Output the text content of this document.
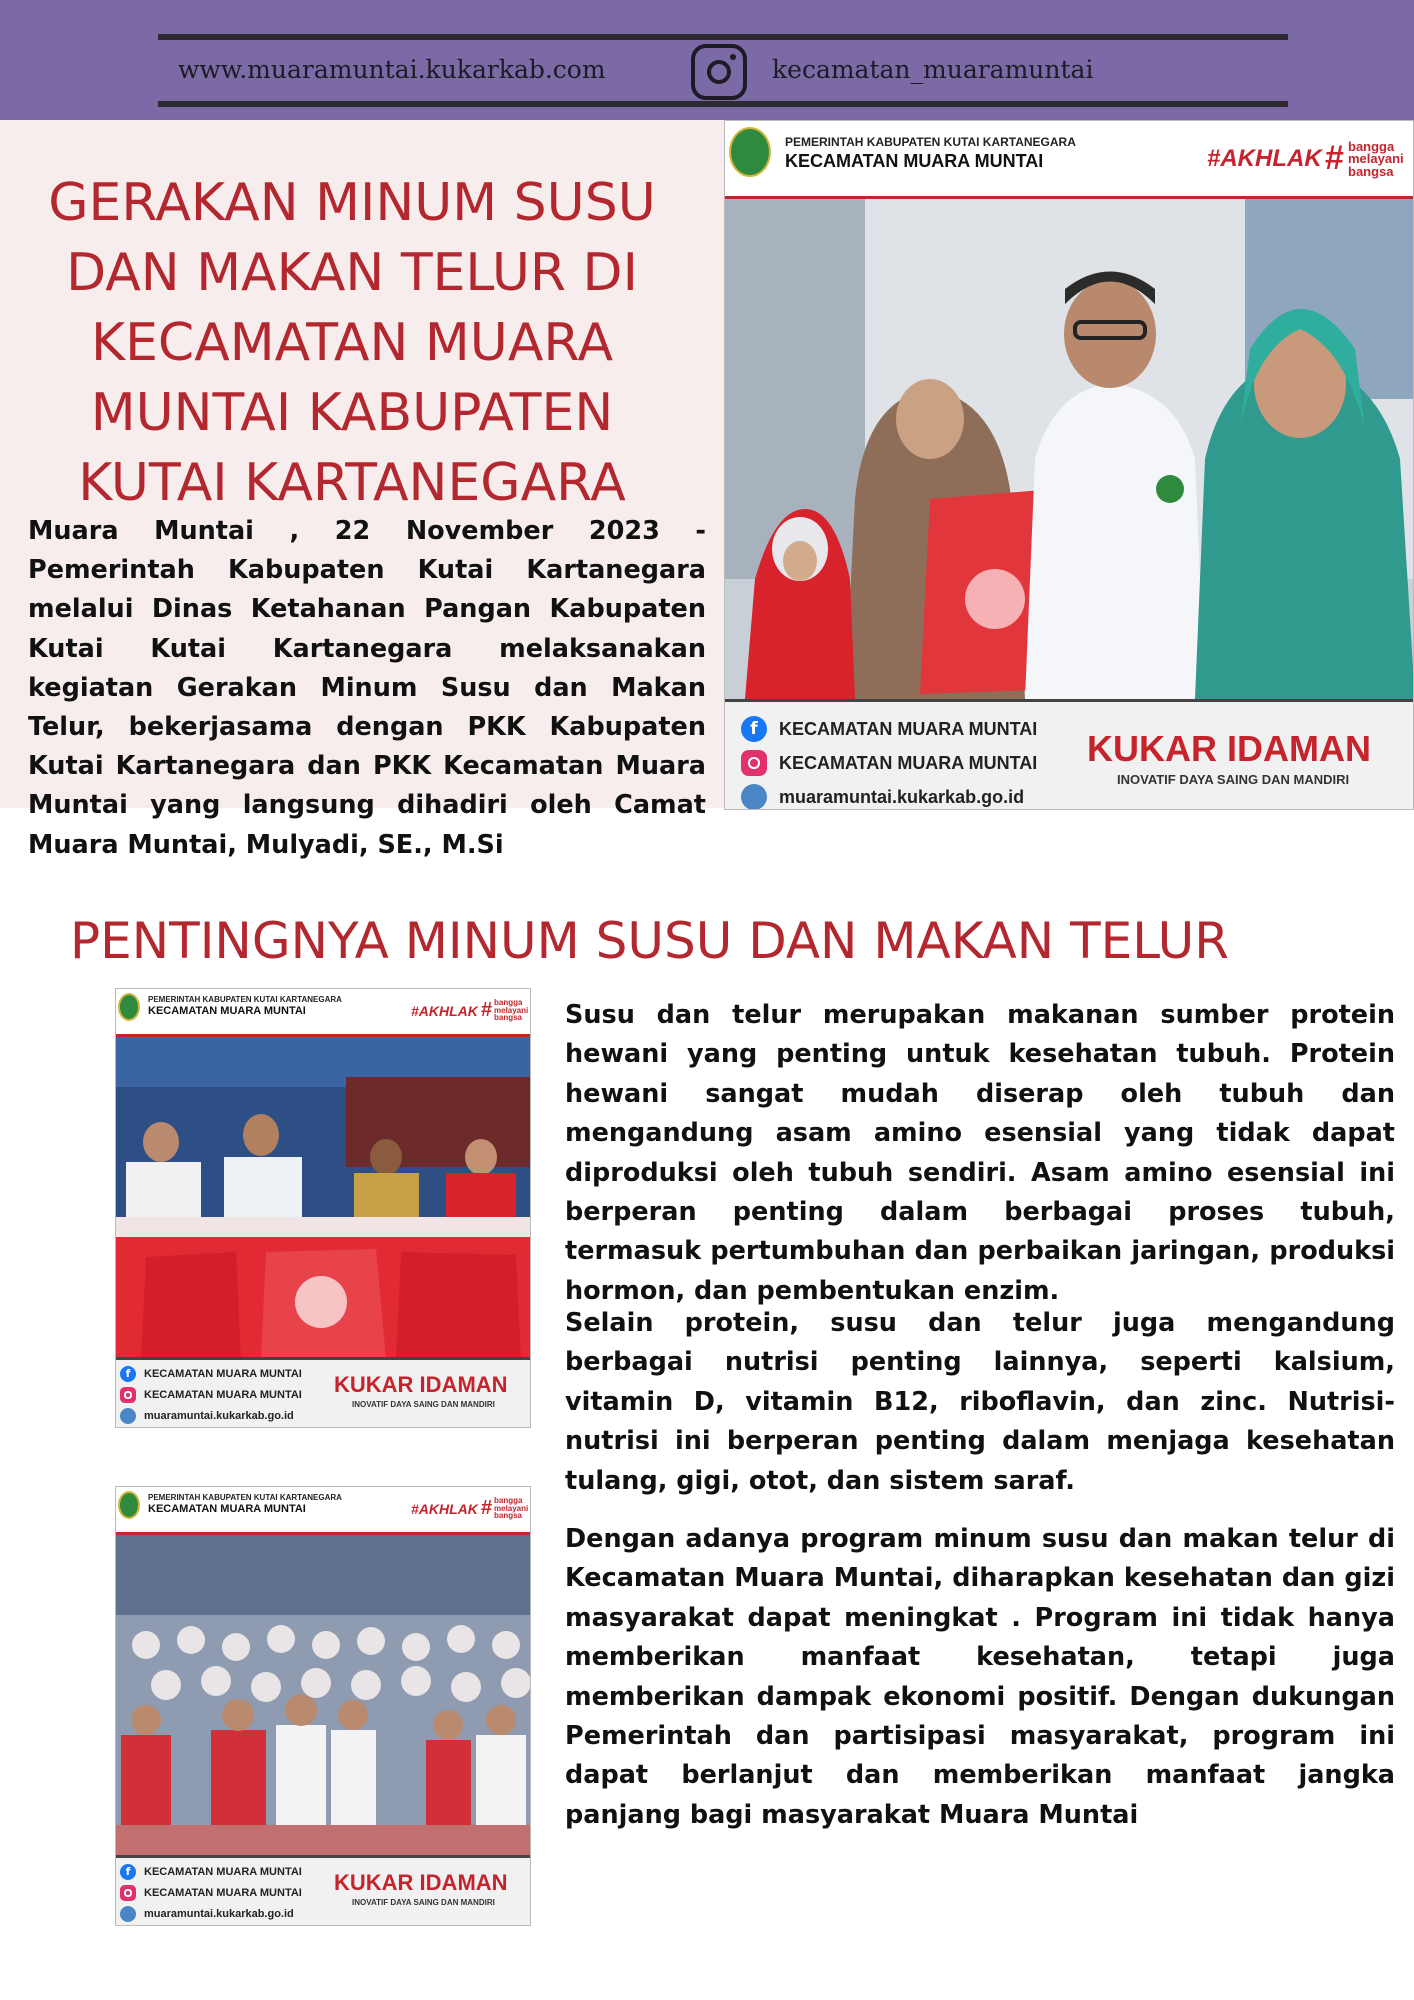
www.muaramuntai.kukarkab.com	kecamatan_muaramuntai
GERAKAN MINUM SUSU DAN MAKAN TELUR DI KECAMATAN MUARA MUNTAI KABUPATEN KUTAI KARTANEGARA

Muara Muntai , 22 November 2023 - Pemerintah Kabupaten Kutai Kartanegara melalui Dinas Ketahanan Pangan Kabupaten Kutai Kutai Kartanegara melaksanakan kegiatan Gerakan Minum Susu dan Makan Telur, bekerjasama dengan PKK Kabupaten Kutai Kartanegara dan PKK Kecamatan Muara Muntai yang langsung dihadiri oleh Camat Muara Muntai, Mulyadi, SE., M.Si

PEMERINTAH KABUPATEN KUTAI KARTANEGARA
KECAMATAN MUARA MUNTAI	#AKHLAK # bangga melayani bangsa
f	KECAMATAN MUARA MUNTAI
KECAMATAN MUARA MUNTAI
muaramuntai.kukarkab.go.id
KUKAR IDAMAN
INOVATIF DAYA SAING DAN MANDIRI
PENTINGNYA MINUM SUSU DAN MAKAN TELUR
PEMERINTAH KABUPATEN KUTAI KARTANEGARA
KECAMATAN MUARA MUNTAI	#AKHLAK # bangga melayani bangsa
f	KECAMATAN MUARA MUNTAI
KECAMATAN MUARA MUNTAI
muaramuntai.kukarkab.go.id
KUKAR IDAMAN
INOVATIF DAYA SAING DAN MANDIRI
PEMERINTAH KABUPATEN KUTAI KARTANEGARA
KECAMATAN MUARA MUNTAI	#AKHLAK # bangga melayani bangsa
f	KECAMATAN MUARA MUNTAI
KECAMATAN MUARA MUNTAI
muaramuntai.kukarkab.go.id
KUKAR IDAMAN
INOVATIF DAYA SAING DAN MANDIRI

Susu dan telur merupakan makanan sumber protein hewani yang penting untuk kesehatan tubuh. Protein hewani sangat mudah diserap oleh tubuh dan mengandung asam amino esensial yang tidak dapat diproduksi oleh tubuh sendiri. Asam amino esensial ini berperan penting dalam berbagai proses tubuh, termasuk pertumbuhan dan perbaikan jaringan, produksi hormon, dan pembentukan enzim.

Selain protein, susu dan telur juga mengandung berbagai nutrisi penting lainnya, seperti kalsium, vitamin D, vitamin B12, riboflavin, dan zinc. Nutrisi-nutrisi ini berperan penting dalam menjaga kesehatan tulang, gigi, otot, dan sistem saraf.

Dengan adanya program minum susu dan makan telur di Kecamatan Muara Muntai, diharapkan kesehatan dan gizi masyarakat dapat meningkat . Program ini tidak hanya memberikan manfaat kesehatan, tetapi juga memberikan dampak ekonomi positif. Dengan dukungan Pemerintah dan partisipasi masyarakat, program ini dapat berlanjut dan memberikan manfaat jangka panjang bagi masyarakat Muara Muntai
